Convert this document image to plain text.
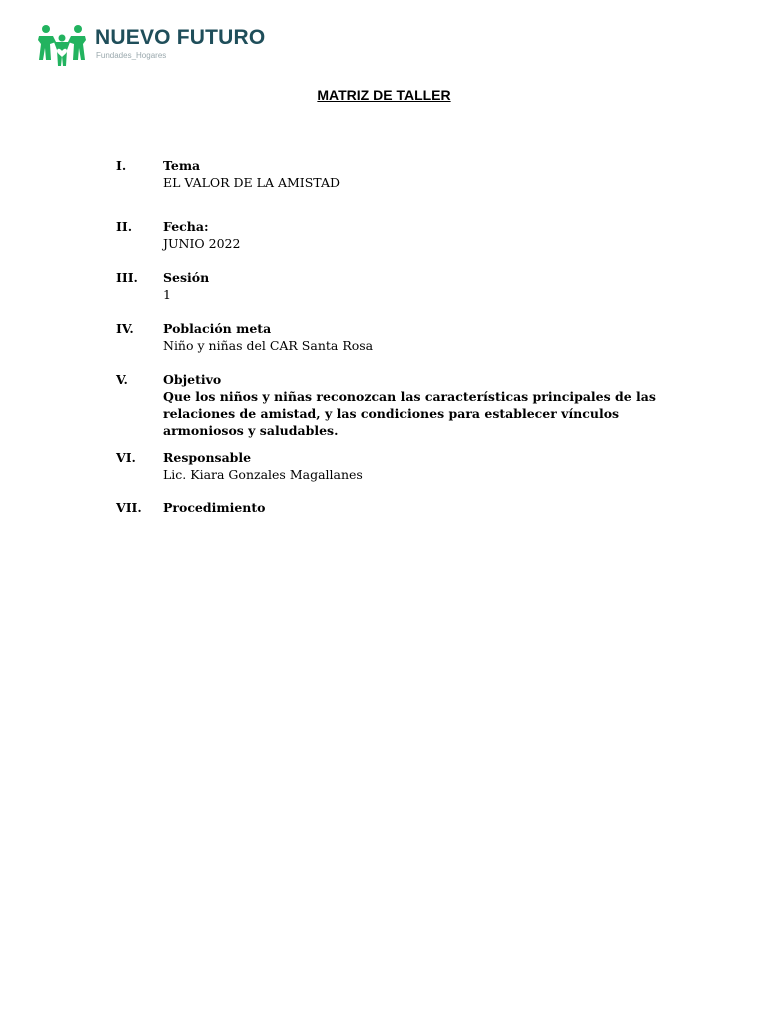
NUEVO FUTURO
Fundades_Hogares
MATRIZ DE TALLER
I.	Tema
EL VALOR DE LA AMISTAD
II. Fecha:
JUNIO 2022
III. Sesión
1
IV. Población meta
Niño y niñas del CAR Santa Rosa
V.	Objetivo
Que los niños y niñas reconozcan las características principales de las relaciones de amistad, y las condiciones para establecer vínculos armoniosos y saludables.
VI. Responsable
Lic. Kiara Gonzales Magallanes
VII. Procedimiento
